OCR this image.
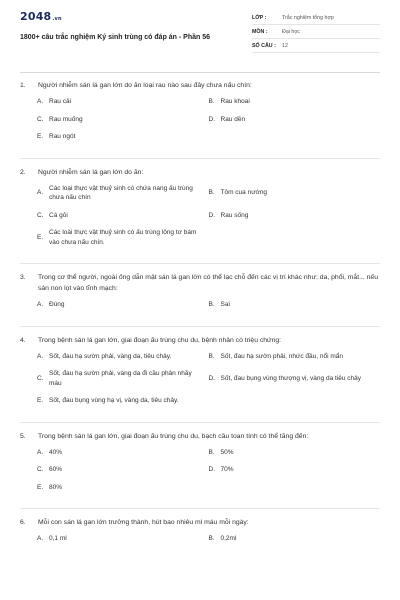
2048.vn
1800+ câu trắc nghiệm Ký sinh trùng có đáp án - Phần 56
LỚP :	Trắc nghiệm tổng hợp
MÔN :	Đại học
SỐ CÂU :	12
1.	Người nhiễm sán lá gan lớn do ăn loại rau nào sau đây chưa nấu chín:
A. Rau cải	B. Rau khoai
C. Rau muống	D. Rau dền
E. Rau ngót
2.	Người nhiễm sán lá gan lớn do ăn:
A.
Các loại thực vật thuỷ sinh có chứa nang ấu trùng chưa nấu chín
B. Tôm cua nướng
C. Cá gỏi	D. Rau sống
E.
Các loài thực vật thuỷ sinh có ấu trùng lông tơ bám vào chưa nấu chín.
3.	Trong cơ thể người, ngoài ống dẫn mật sán lá gan lớn có thể lạc chỗ đến các vị trí khác như: da, phổi, mắt... nếu sán non lọt vào tĩnh mạch:
A. Đúng	B. Sai
4.	Trong bệnh sán lá gan lớn, giai đoạn ấu trùng chu du, bệnh nhân có triệu chứng:
A. Sốt, đau hạ sườn phải, vàng da, tiêu chảy.	B. Sốt, đau hạ sườn phải, nhức đầu, nổi mẩn
C.
Sốt, đau hạ sườn phải, vàng da đi cầu phân nhầy máu
D. Sốt, đau bụng vùng thượng vị, vàng da tiêu chảy
E. Sốt, đau bụng vùng hạ vị, vàng da, tiêu chảy.
5.	Trong bệnh sán lá gan lớn, giai đoạn ấu trùng chu du, bạch cầu toan tính có thể tăng đến:
A. 40%	B. 50%
C. 60%	D. 70%
E. 80%
6.	Mỗi con sán lá gan lớn trưởng thành, hút bao nhiêu ml máu mỗi ngày:
A. 0,1 ml	B. 0,2ml
